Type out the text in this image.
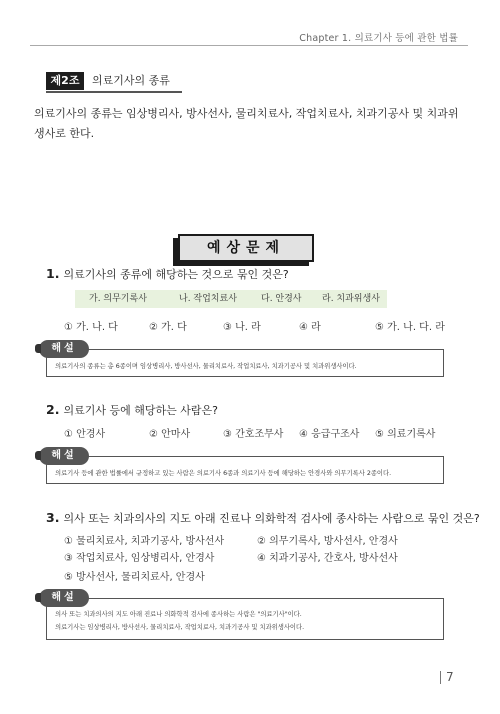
Chapter 1. 의료기사 등에 관한 법률
제2조	의료기사의 종류
의료기사의 종류는 임상병리사, 방사선사, 물리치료사, 작업치료사, 치과기공사 및 치과위생사로 한다.
예상문제
1. 의료기사의 종류에 해당하는 것으로 묶인 것은?
가. 의무기록사	나. 작업치료사	다. 안경사 라. 치과위생사
① 가. 나. 다	② 가. 다	③ 나. 라	④ 라	⑤ 가. 나. 다. 라
해설
의료기사의 종류는 총 6종이며 임상병리사, 방사선사, 물리치료사, 작업치료사, 치과기공사 및 치과위생사이다.
2. 의료기사 등에 해당하는 사람은?
① 안경사	② 안마사	③ 간호조무사 ④ 응급구조사 ⑤ 의료기록사
해설
의료기사 등에 관한 법률에서 규정하고 있는 사람은 의료기사 6종과 의료기사 등에 해당하는 안경사와 의무기록사 2종이다.
3. 의사 또는 치과의사의 지도 아래 진료나 의화학적 검사에 종사하는 사람으로 묶인 것은?
① 물리치료사, 치과기공사, 방사선사	② 의무기록사, 방사선사, 안경사
③ 작업치료사, 임상병리사, 안경사	④ 치과기공사, 간호사, 방사선사
⑤ 방사선사, 물리치료사, 안경사
해설
의사 또는 치과의사의 지도 아래 진료나 의화학적 검사에 종사하는 사람은 "의료기사"이다.
의료기사는 임상병리사, 방사선사, 물리치료사, 작업치료사, 치과기공사 및 치과위생사이다.
7
